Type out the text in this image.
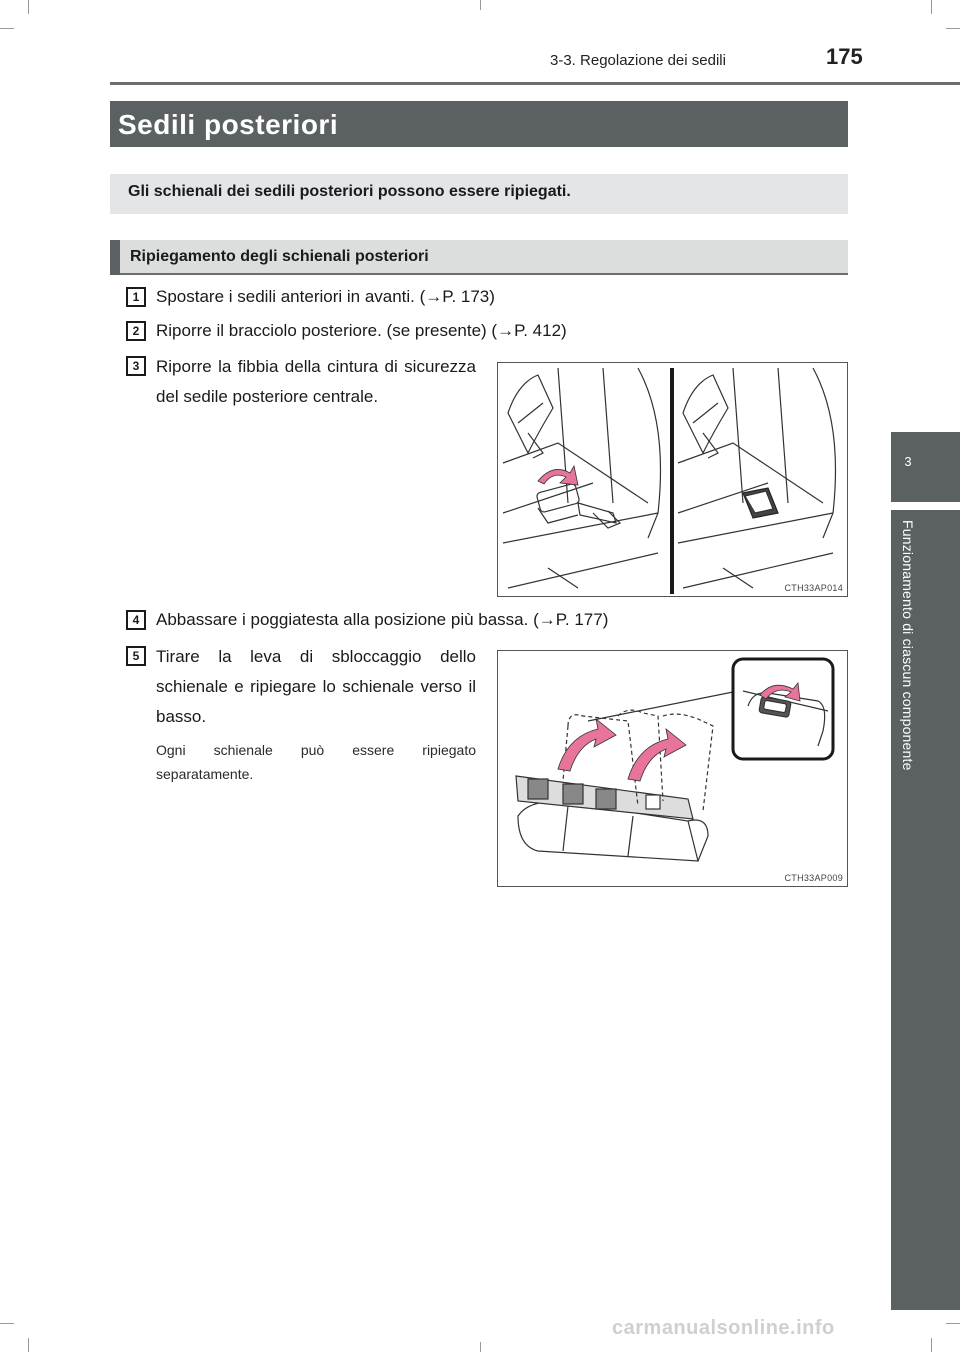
3-3. Regolazione dei sedili	175
3
Funzionamento di ciascun componente
Sedili posteriori
Gli schienali dei sedili posteriori possono essere ripiegati.
Ripiegamento degli schienali posteriori
1 Spostare i sedili anteriori in avanti. (→P. 173)
2 Riporre il bracciolo posteriore. (se presente) (→P. 412)
3 Riporre la fibbia della cintura di sicurezza del sedile posteriore centrale.
CTH33AP014
4 Abbassare i poggiatesta alla posizione più bassa. (→P. 177)
5 Tirare la leva di sbloccaggio dello schienale e ripiegare lo schienale verso il basso.
Ogni schienale può essere ripiegato separatamente.
CTH33AP009
carmanualsonline.info
